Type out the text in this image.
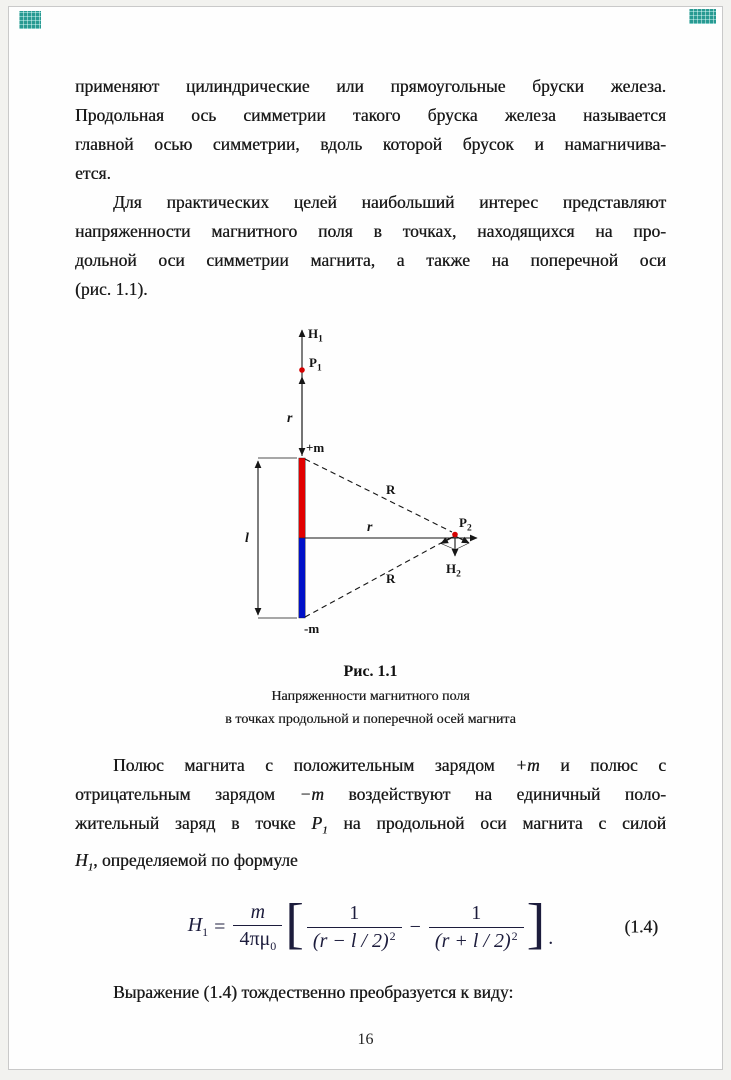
применяют цилиндрические или прямоугольные бруски железа.
Продольная ось симметрии такого бруска железа называется
главной осью симметрии, вдоль которой брусок и намагничива-
ется.
Для практических целей наибольший интерес представляют
напряженности магнитного поля в точках, находящихся на про-
дольной оси симметрии магнита, а также на поперечной оси
(рис. 1.1).
$H_1$
$P_1$
r
+m
-m
l
r
R
R
$P_2$
$H_2$
Рис. 1.1
Напряженности магнитного поля
в точках продольной и поперечной осей магнита
Полюс магнита с положительным зарядом +m и полюс с
отрицательным зарядом −m воздействуют на единичный поло-
жительный заряд в точке $P_1$ на продольной оси магнита с силой
$H_1$, определяемой по формуле
$H_1 = \frac{m}{4\pi\mu_0}$ [ $\frac{1}{(r - l / 2)^2} - \frac{1}{(r + l / 2)^2}$ ] .
(1.4)
Выражение (1.4) тождественно преобразуется к виду:
16
